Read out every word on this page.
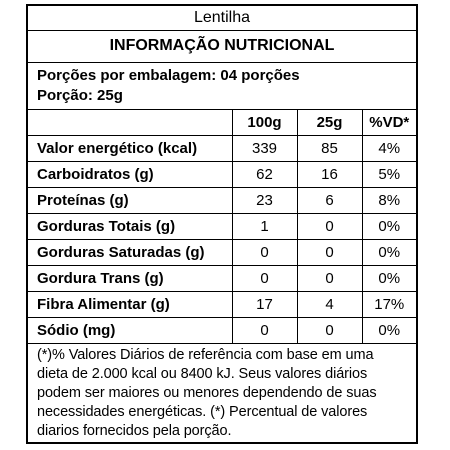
Lentilha
INFORMAÇÃO NUTRICIONAL
Porções por embalagem: 04 porções
Porção: 25g
	100g	25g	%VD*
Valor energético (kcal)	339	85	4%
Carboidratos (g)	62	16	5%
Proteínas (g)	23	6	8%
Gorduras Totais (g)	1	0	0%
Gorduras Saturadas (g)	0	0	0%
Gordura Trans (g)	0	0	0%
Fibra Alimentar (g)	17	4	17%
Sódio (mg)	0	0	0%
(*)% Valores Diários de referência com base em uma
dieta de 2.000 kcal ou 8400 kJ. Seus valores diários
podem ser maiores ou menores dependendo de suas
necessidades energéticas. (*) Percentual de valores
diarios fornecidos pela porção.
